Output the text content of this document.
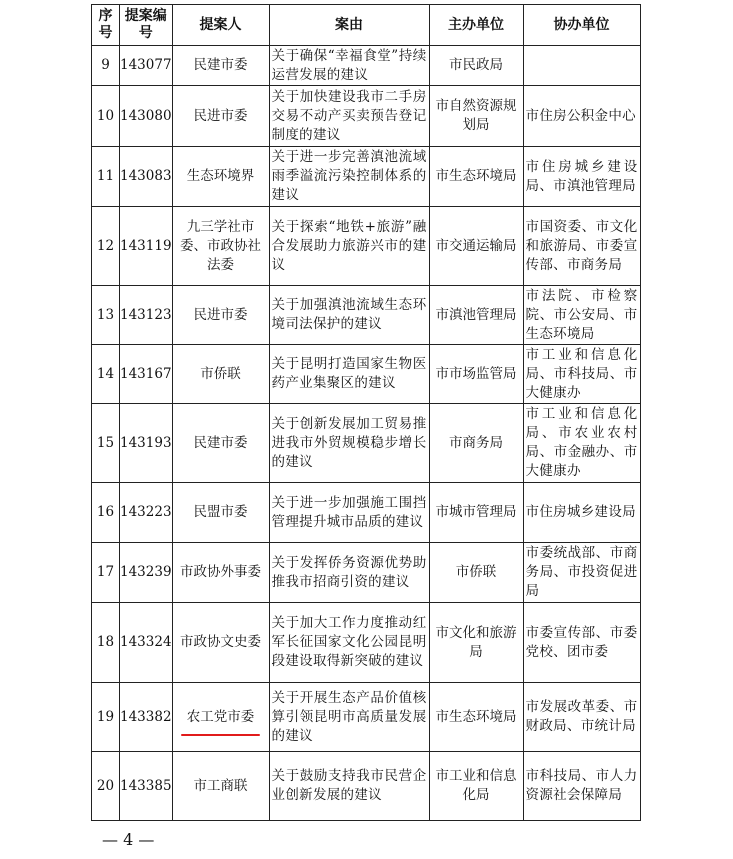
序号	提案编号	提案人	案由	主办单位	协办单位
9	143077	民建市委	关于确保“幸福食堂”持续运营发展的建议	市民政局	
10	143080	民进市委	关于加快建设我市二手房交易不动产买卖预告登记制度的建议	市自然资源规划局	市住房公积金中心
11	143083	生态环境界	关于进一步完善滇池流域雨季溢流污染控制体系的建议	市生态环境局	市住房城乡建设局、市滇池管理局
12	143119	九三学社市委、市政协社法委	关于探索“地铁+旅游”融合发展助力旅游兴市的建议	市交通运输局	市国资委、市文化和旅游局、市委宣传部、市商务局
13	143123	民进市委	关于加强滇池流域生态环境司法保护的建议	市滇池管理局	市法院、市检察院、市公安局、市生态环境局
14	143167	市侨联	关于昆明打造国家生物医药产业集聚区的建议	市市场监管局	市工业和信息化局、市科技局、市大健康办
15	143193	民建市委	关于创新发展加工贸易推进我市外贸规模稳步增长的建议	市商务局	市工业和信息化局、市农业农村局、市金融办、市大健康办
16	143223	民盟市委	关于进一步加强施工围挡管理提升城市品质的建议	市城市管理局	市住房城乡建设局
17	143239	市政协外事委	关于发挥侨务资源优势助推我市招商引资的建议	市侨联	市委统战部、市商务局、市投资促进局
18	143324	市政协文史委	关于加大工作力度推动红军长征国家文化公园昆明段建设取得新突破的建议	市文化和旅游局	市委宣传部、市委党校、团市委
19	143382	农工党市委	关于开展生态产品价值核算引领昆明市高质量发展的建议	市生态环境局	市发展改革委、市财政局、市统计局
20	143385	市工商联	关于鼓励支持我市民营企业创新发展的建议	市工业和信息化局	市科技局、市人力资源社会保障局
— 4 —
